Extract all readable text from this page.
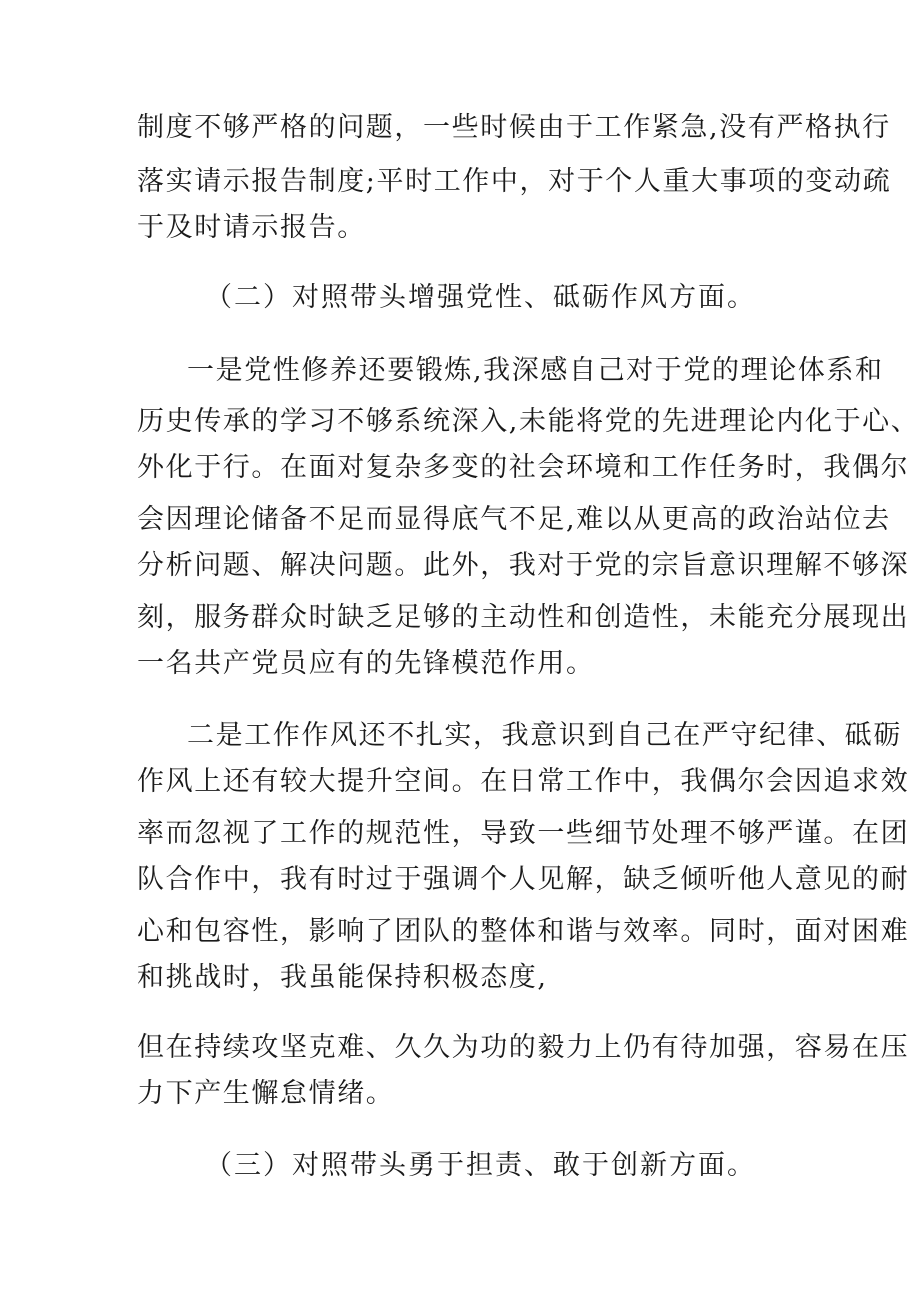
制度不够严格的问题，一些时候由于工作紧急,没有严格执行
落实请示报告制度;平时工作中，对于个人重大事项的变动疏
于及时请示报告。
（二）对照带头增强党性、砥砺作风方面。
一是党性修养还要锻炼,我深感自己对于党的理论体系和
历史传承的学习不够系统深入,未能将党的先进理论内化于心、
外化于行。在面对复杂多变的社会环境和工作任务时，我偶尔
会因理论储备不足而显得底气不足,难以从更高的政治站位去
分析问题、解决问题。此外，我对于党的宗旨意识理解不够深
刻，服务群众时缺乏足够的主动性和创造性，未能充分展现出
一名共产党员应有的先锋模范作用。
二是工作作风还不扎实，我意识到自己在严守纪律、砥砺
作风上还有较大提升空间。在日常工作中，我偶尔会因追求效
率而忽视了工作的规范性，导致一些细节处理不够严谨。在团
队合作中，我有时过于强调个人见解，缺乏倾听他人意见的耐
心和包容性，影响了团队的整体和谐与效率。同时，面对困难
和挑战时，我虽能保持积极态度,
但在持续攻坚克难、久久为功的毅力上仍有待加强，容易在压
力下产生懈怠情绪。
（三）对照带头勇于担责、敢于创新方面。
